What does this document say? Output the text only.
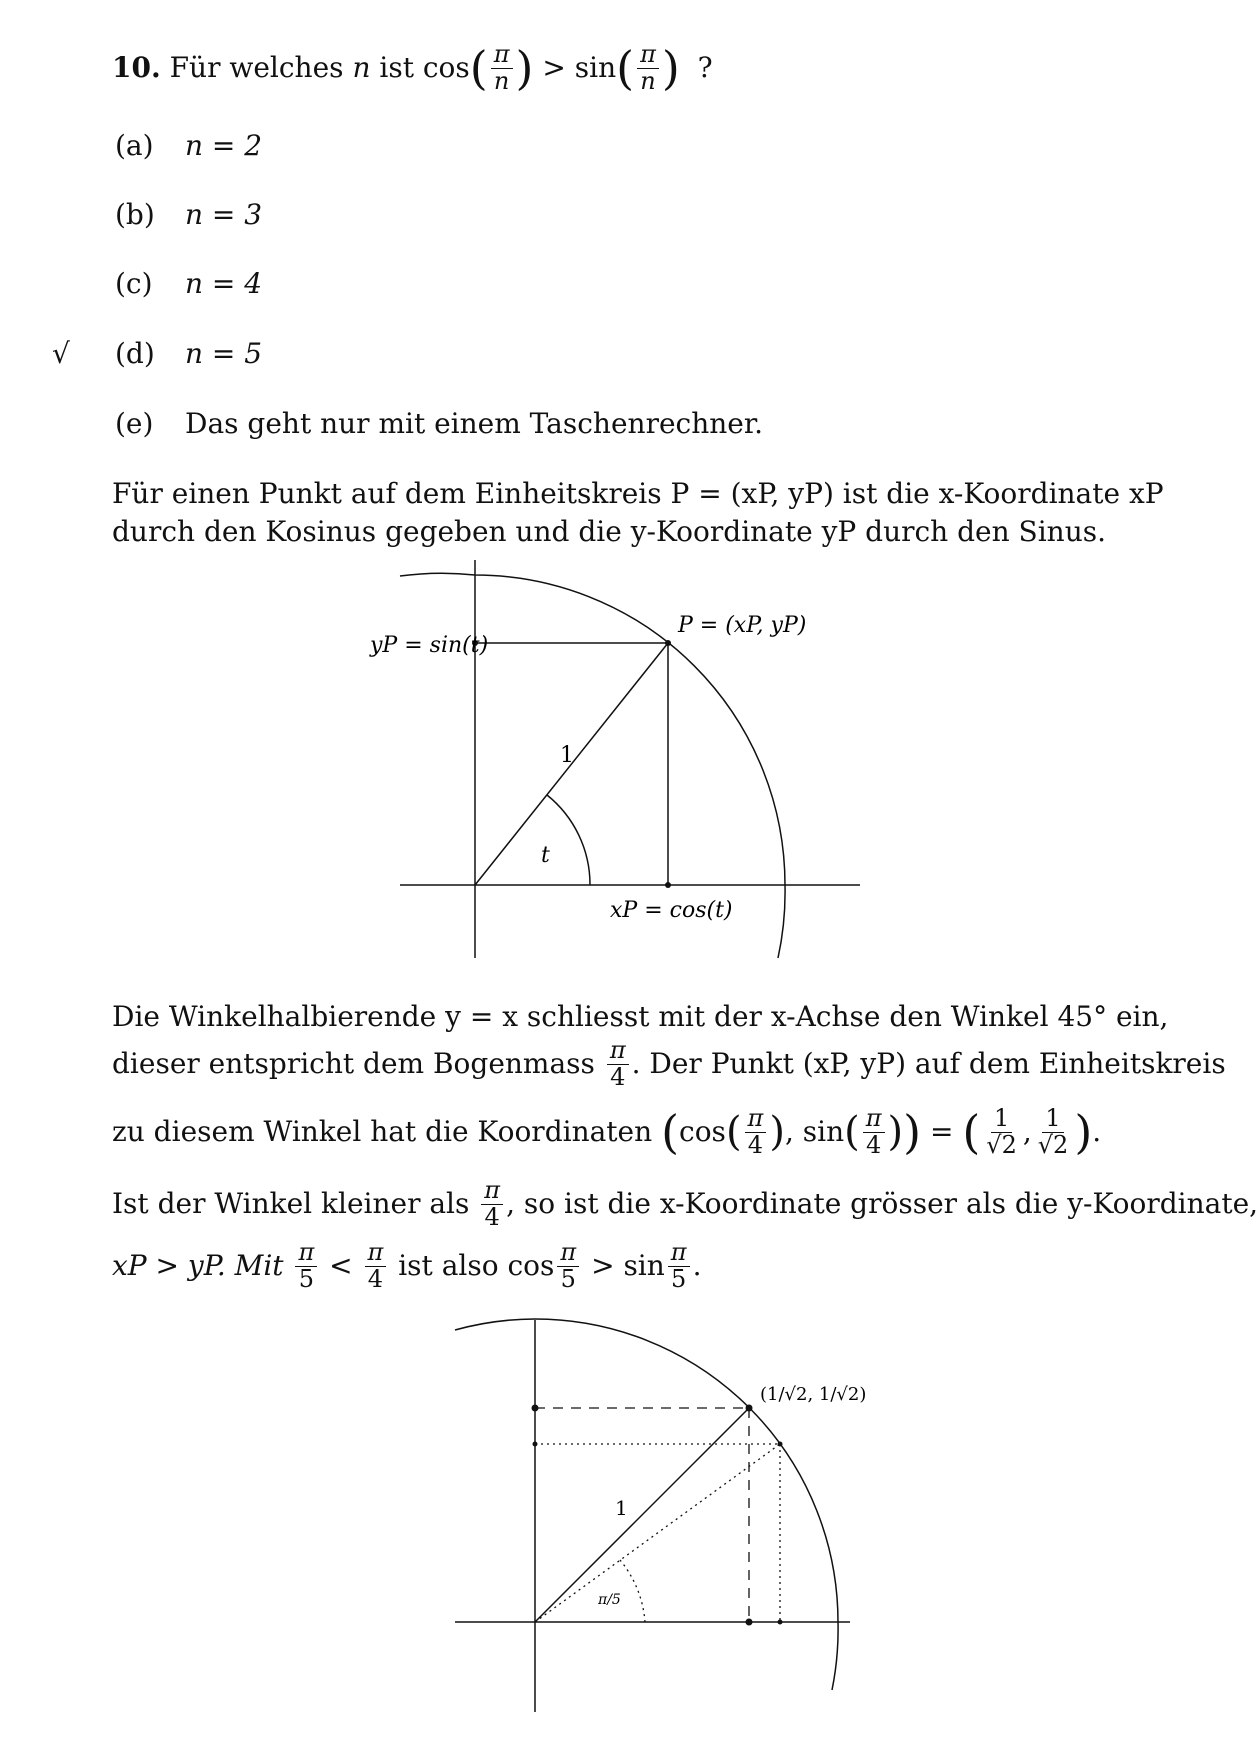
10.
Für welches
n
ist
cos ( $\frac{\pi}{n}$ )
>
sin ( $\frac{\pi}{n}$ )
?
(a) n = 2
(b) n = 3
(c) n = 4
√ (d) n = 5
(e) Das geht nur mit einem Taschenrechner.
Für einen Punkt auf dem Einheitskreis P = (xP, yP) ist die x-Koordinate xP
durch den Kosinus gegeben und die y-Koordinate yP durch den Sinus.
P = (xP, yP)
yP = sin(t)
xP = cos(t)
1
t
Die Winkelhalbierende y = x schliesst mit der x-Achse den Winkel 45° ein,
dieser entspricht dem Bogenmass
$\frac{\pi}{4}$ . Der Punkt (xP, yP) auf dem Einheitskreis
zu diesem Winkel hat die Koordinaten
( cos ( $\frac{\pi}{4}$ ) , sin ( $\frac{\pi}{4}$ ) )
=
( $\frac{1}{√2}$ , $\frac{1}{√2}$ ) .
Ist der Winkel kleiner als
$\frac{\pi}{4}$ , so ist die x-Koordinate grösser als die y-Koordinate,
xP > yP. Mit
$\frac{\pi}{5}$
<
$\frac{\pi}{4}$
ist also $\cos \frac{\pi}{5}$
> $\sin \frac{\pi}{5}$ .
(1/√2, 1/√2)
1
π/5
